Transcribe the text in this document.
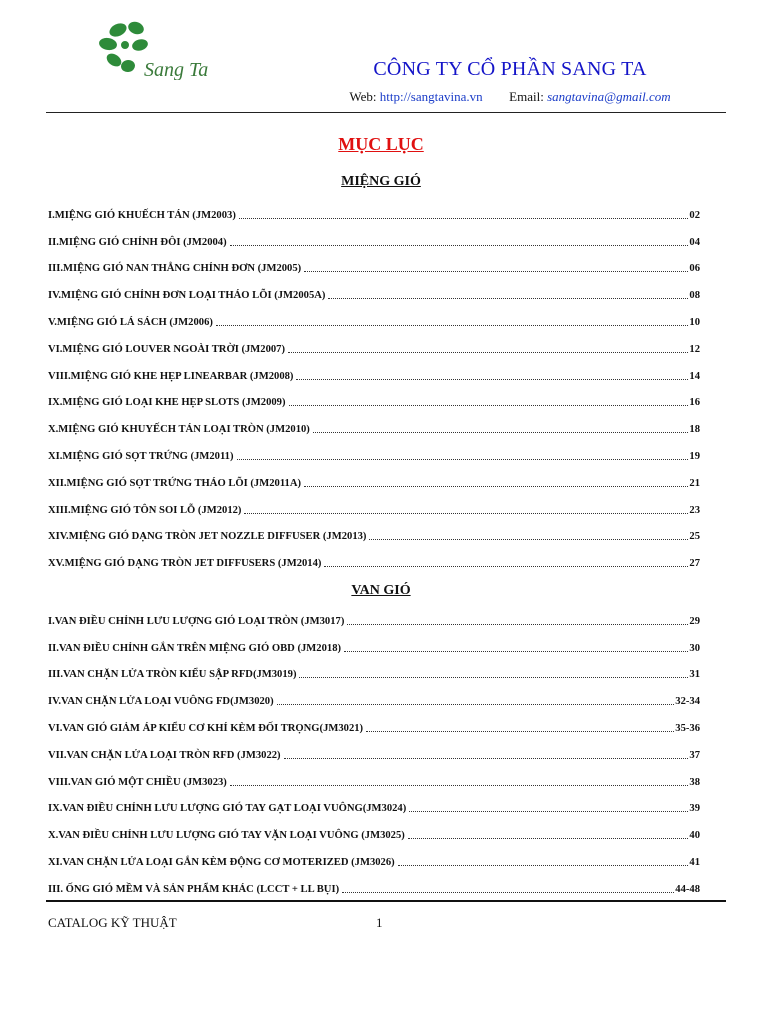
Sang Ta	CÔNG TY CỔ PHẦN SANG TA
Web: http://sangtavina.vn Email: sangtavina@gmail.com
MỤC LỤC
MIỆNG GIÓ
I.MIỆNG GIÓ KHUẾCH TÁN (JM2003)	02
II.MIỆNG GIÓ CHỈNH ĐÔI (JM2004)	04
III.MIỆNG GIÓ NAN THẲNG CHỈNH ĐƠN (JM2005)	06
IV.MIỆNG GIÓ CHỈNH ĐƠN LOẠI THÁO LÕI (JM2005A)	08
V.MIỆNG GIÓ LÁ SÁCH (JM2006)	10
VI.MIỆNG GIÓ LOUVER NGOÀI TRỜI (JM2007)	12
VIII.MIỆNG GIÓ KHE HẸP LINEARBAR (JM2008)	14
IX.MIỆNG GIÓ LOẠI KHE HẸP SLOTS (JM2009)	16
X.MIỆNG GIÓ KHUYẾCH TÁN LOẠI TRÒN (JM2010)	18
XI.MIỆNG GIÓ SỌT TRỨNG (JM2011)	19
XII.MIỆNG GIÓ SỌT TRỨNG THÁO LÕI (JM2011A)	21
XIII.MIỆNG GIÓ TÔN SOI LỖ (JM2012)	23
XIV.MIỆNG GIÓ DẠNG TRÒN JET NOZZLE DIFFUSER (JM2013)	25
XV.MIỆNG GIÓ DẠNG TRÒN JET DIFFUSERS (JM2014)	27
VAN GIÓ
I.VAN ĐIỀU CHỈNH LƯU LƯỢNG GIÓ LOẠI TRÒN (JM3017)	29
II.VAN ĐIỀU CHỈNH GẮN TRÊN MIỆNG GIÓ OBD (JM2018)	30
III.VAN CHẶN LỬA TRÒN KIỂU SẬP RFD(JM3019)	31
IV.VAN CHẶN LỬA LOẠI VUÔNG FD(JM3020)	32-34
VI.VAN GIÓ GIẢM ÁP KIỂU CƠ KHÍ KÈM ĐỐI TRỌNG(JM3021)	35-36
VII.VAN CHẶN LỬA LOẠI TRÒN RFD (JM3022)	37
VIII.VAN GIÓ MỘT CHIỀU (JM3023)	38
IX.VAN ĐIỀU CHỈNH LƯU LƯỢNG GIÓ TAY GẠT LOẠI VUÔNG(JM3024)	39
X.VAN ĐIỀU CHỈNH LƯU LƯỢNG GIÓ TAY VẶN LOẠI VUÔNG (JM3025)	40
XI.VAN CHẶN LỬA LOẠI GẮN KÈM ĐỘNG CƠ MOTERIZED (JM3026)	41
III. ỐNG GIÓ MỀM VÀ SẢN PHẨM KHÁC (LCCT + LL BỤI)	44-48
CATALOG KỸ THUẬT	1
